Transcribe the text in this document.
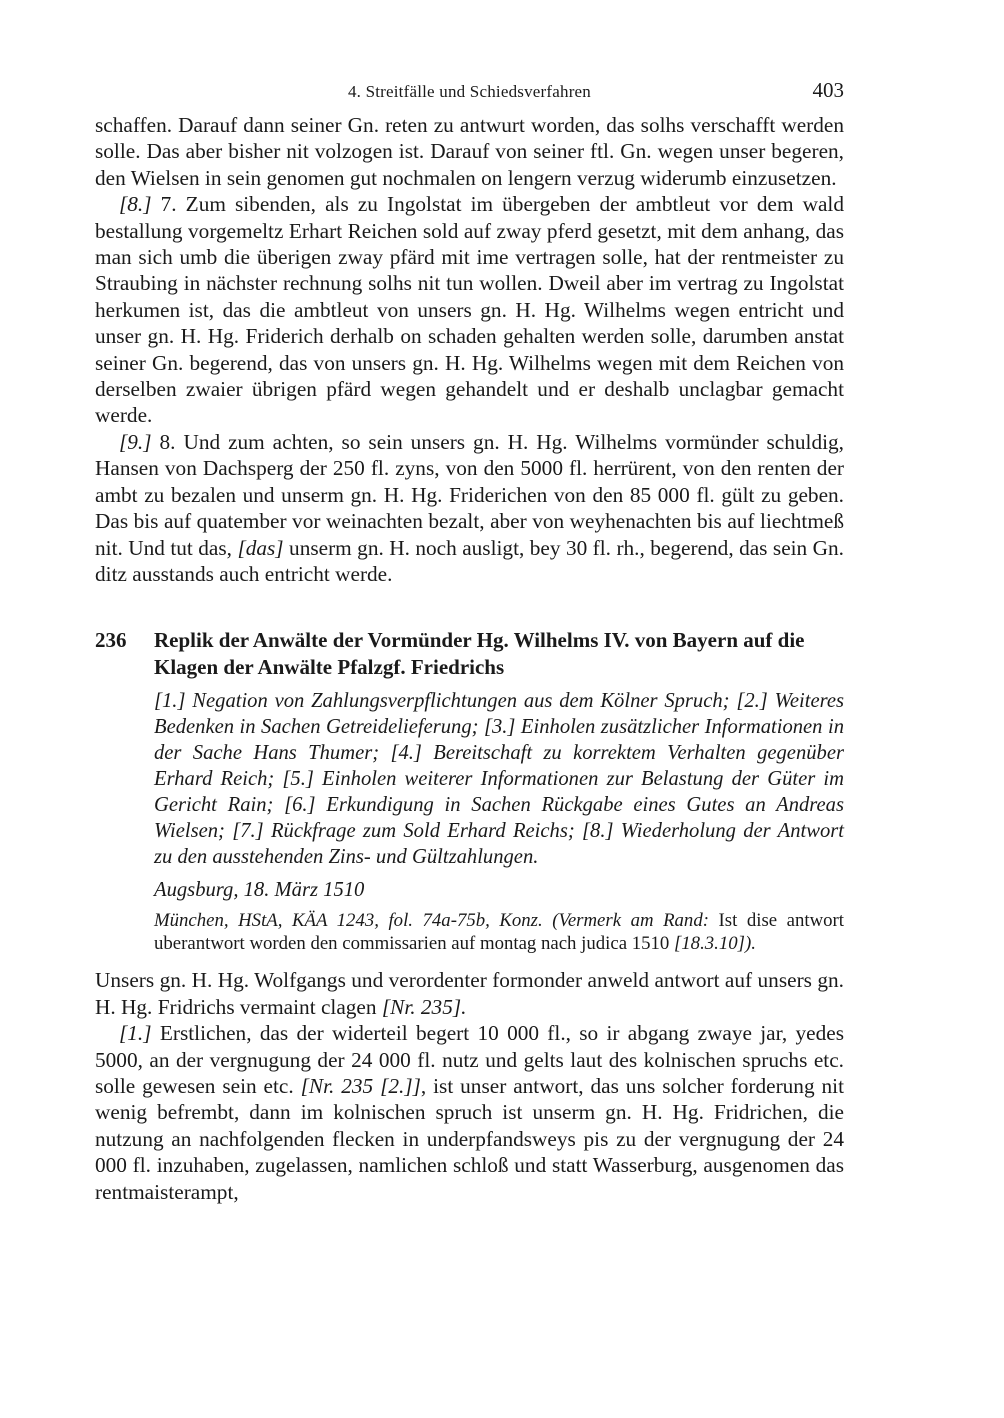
4. Streitfälle und Schiedsverfahren	403

schaffen. Darauf dann seiner Gn. reten zu antwurt worden, das solhs verschafft werden solle. Das aber bisher nit volzogen ist. Darauf von seiner ftl. Gn. wegen unser begeren, den Wielsen in sein genomen gut nochmalen on lengern verzug widerumb einzusetzen.

[8.] 7. Zum sibenden, als zu Ingolstat im übergeben der ambtleut vor dem wald bestallung vorgemeltz Erhart Reichen sold auf zway pferd gesetzt, mit dem anhang, das man sich umb die überigen zway pfärd mit ime vertragen solle, hat der rentmeister zu Straubing in nächster rechnung solhs nit tun wollen. Dweil aber im vertrag zu Ingolstat herkumen ist, das die ambtleut von unsers gn. H. Hg. Wilhelms wegen entricht und unser gn. H. Hg. Friderich derhalb on schaden gehalten werden solle, darumben anstat seiner Gn. begerend, das von unsers gn. H. Hg. Wilhelms wegen mit dem Reichen von derselben zwaier übrigen pfärd wegen gehandelt und er deshalb unclagbar gemacht werde.

[9.] 8. Und zum achten, so sein unsers gn. H. Hg. Wilhelms vormünder schuldig, Hansen von Dachsperg der 250 fl. zyns, von den 5000 fl. herrürent, von den renten der ambt zu bezalen und unserm gn. H. Hg. Friderichen von den 85 000 fl. gült zu geben. Das bis auf quatember vor weinachten bezalt, aber von weyhenachten bis auf liechtmeß nit. Und tut das, [das] unserm gn. H. noch ausligt, bey 30 fl. rh., begerend, das sein Gn. ditz ausstands auch entricht werde.

236	Replik der Anwälte der Vormünder Hg. Wilhelms IV. von Bayern auf die Klagen der Anwälte Pfalzgf. Friedrichs

[1.] Negation von Zahlungsverpflichtungen aus dem Kölner Spruch; [2.] Weiteres Bedenken in Sachen Getreidelieferung; [3.] Einholen zusätzlicher Informationen in der Sache Hans Thumer; [4.] Bereitschaft zu korrektem Verhalten gegenüber Erhard Reich; [5.] Einholen weiterer Informationen zur Belastung der Güter im Gericht Rain; [6.] Erkundigung in Sachen Rückgabe eines Gutes an Andreas Wielsen; [7.] Rückfrage zum Sold Erhard Reichs; [8.] Wiederholung der Antwort zu den ausstehenden Zins- und Gültzahlungen.

Augsburg, 18. März 1510

München, HStA, KÄA 1243, fol. 74a-75b, Konz. (Vermerk am Rand: Ist dise antwort uberantwort worden den commissarien auf montag nach judica 1510 [18.3.10]).

Unsers gn. H. Hg. Wolfgangs und verordenter formonder anweld antwort auf unsers gn. H. Hg. Fridrichs vermaint clagen [Nr. 235].

[1.] Erstlichen, das der widerteil begert 10 000 fl., so ir abgang zwaye jar, yedes 5000, an der vergnugung der 24 000 fl. nutz und gelts laut des kolnischen spruchs etc. solle gewesen sein etc. [Nr. 235 [2.]], ist unser antwort, das uns solcher forderung nit wenig befrembt, dann im kolnischen spruch ist unserm gn. H. Hg. Fridrichen, die nutzung an nachfolgenden flecken in underpfandsweys pis zu der vergnugung der 24 000 fl. inzuhaben, zugelassen, namlichen schloß und statt Wasserburg, ausgenomen das rentmaisterampt,
